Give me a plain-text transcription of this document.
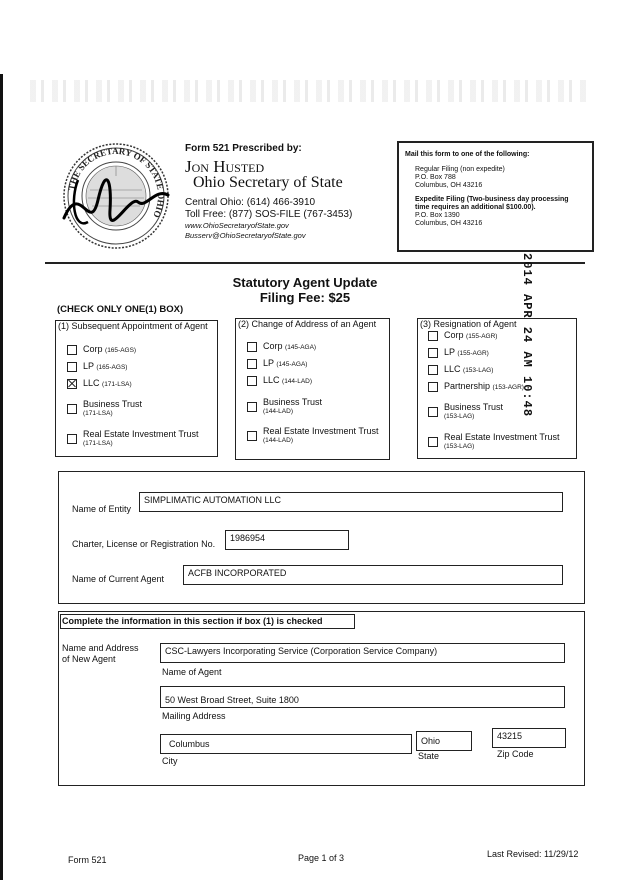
THE SECRETARY OF STATE OHIO
Form 521 Prescribed by:
Jon Husted
Ohio Secretary of State
Central Ohio: (614) 466-3910
Toll Free: (877) SOS-FILE (767-3453)
www.OhioSecretaryofState.gov
Busserv@OhioSecretaryofState.gov
Mail this form to one of the following:
Regular Filing (non expedite)
P.O. Box 788
Columbus, OH 43216
Expedite Filing (Two-business day processing
time requires an additional $100.00).
P.O. Box 1390
Columbus, OH 43216
2014 APR 24 AM 10:48
Statutory Agent Update
Filing Fee: $25
(CHECK ONLY ONE(1) BOX)
(1) Subsequent Appointment of Agent
Corp (165-AGS)
LP (165-AGS)
LLC (171-LSA)
Business Trust
(171-LSA)
Real Estate Investment Trust
(171-LSA)
(2) Change of Address of an Agent
Corp (145-AGA)
LP (145-AGA)
LLC (144-LAD)
Business Trust
(144-LAD)
Real Estate Investment Trust
(144-LAD)
(3) Resignation of Agent
Corp (155-AGR)
LP (155-AGR)
LLC (153-LAG)
Partnership (153-AGR)
Business Trust
(153-LAG)
Real Estate Investment Trust
(153-LAG)
Name of Entity
SIMPLIMATIC AUTOMATION LLC
Charter, License or Registration No.
1986954
Name of Current Agent
ACFB INCORPORATED
Complete the information in this section if box (1) is checked
Name and Address
of New Agent
CSC-Lawyers Incorporating Service (Corporation Service Company)
Name of Agent
50 West Broad Street, Suite 1800
Mailing Address
Columbus
City
Ohio
State
43215
Zip Code
Form 521	Page 1 of 3	Last Revised: 11/29/12
